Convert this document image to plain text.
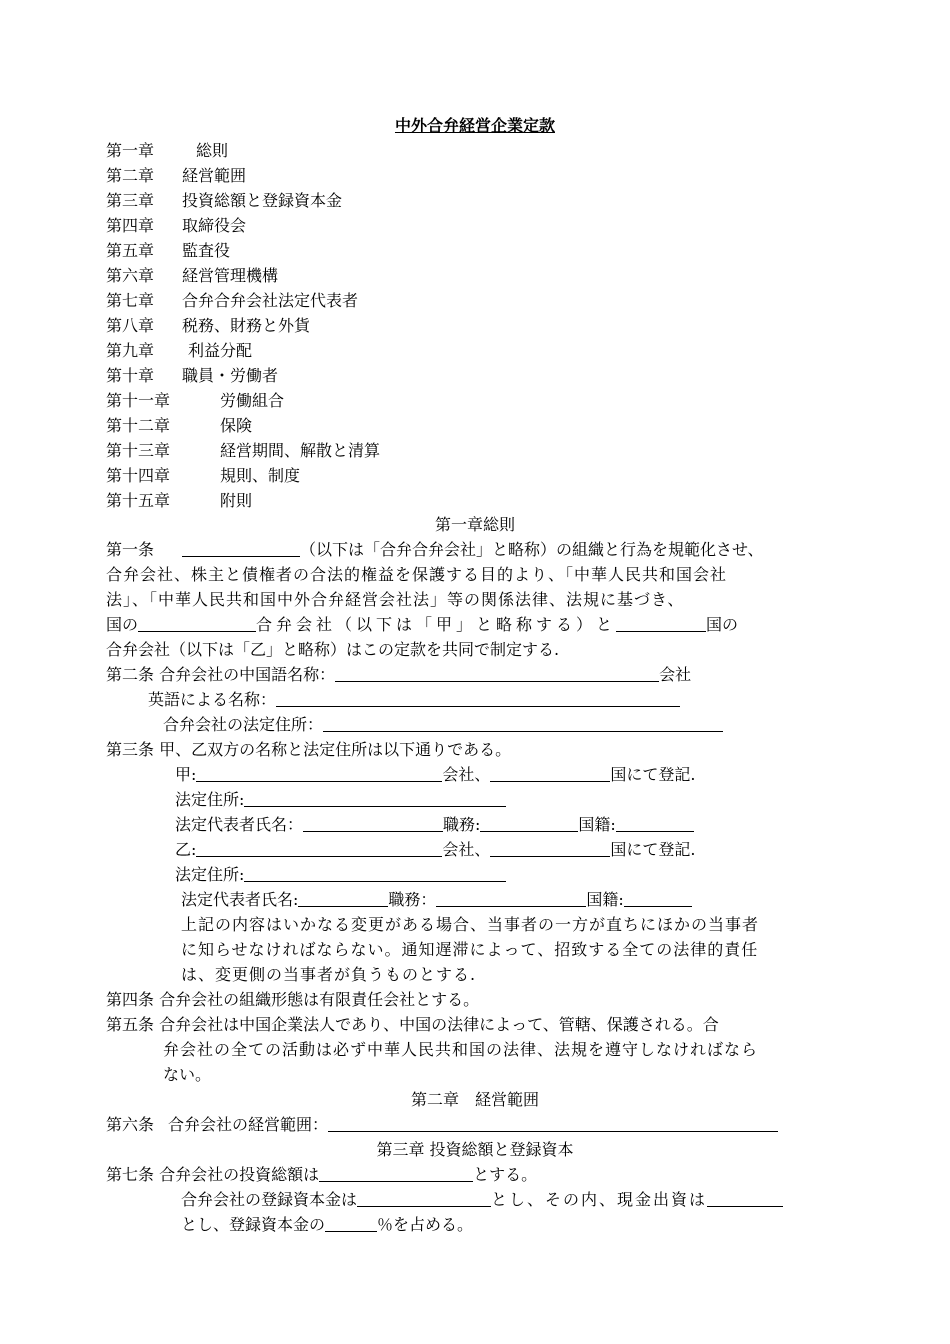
中外合弁経営企業定款
第一章	総則
第二章 経営範囲
第三章 投資総額と登録資本金
第四章 取締役会
第五章 監査役
第六章 経営管理機構
第七章 合弁合弁会社法定代表者
第八章 税務、財務と外貨
第九章 利益分配
第十章 職員・労働者
第十一章	労働組合
第十二章	保険
第十三章	経営期間、解散と清算
第十四章	規則、制度
第十五章	附則
第一章総則
第一条	（以下は「合弁合弁会社」と略称）の組織と行為を規範化させ、
合弁会社、株主と債権者の合法的権益を保護する目的より、「中華人民共和国会社
法」、「中華人民共和国中外合弁経営会社法」等の関係法律、法規に基づき、
国の	合弁会社（以下は「甲」と略称する）と	国の
合弁会社（以下は「乙」と略称）はこの定款を共同で制定する.
第二条 合弁会社の中国語名称：	会社
英語による名称：
合弁会社の法定住所：
第三条 甲、乙双方の名称と法定住所は以下通りである。
甲:	会社、	国にて登記.
法定住所:
法定代表者氏名：	職務:	国籍:
乙:	会社、	国にて登記.
法定住所:
法定代表者氏名:	職務：	国籍:
上記の内容はいかなる変更がある場合、当事者の一方が直ちにほかの当事者
に知らせなければならない。通知遅滞によって、招致する全ての法律的責任
は、変更側の当事者が負うものとする.
第四条 合弁会社の組織形態は有限責任会社とする。
第五条 合弁会社は中国企業法人であり、中国の法律によって、管轄、保護される。合
弁会社の全ての活動は必ず中華人民共和国の法律、法規を遵守しなければなら
ない。
第二章　経営範囲
第六条 合弁会社の経営範囲：
第三章 投資総額と登録資本
第七条 合弁会社の投資総額は	とする。
合弁会社の登録資本金は	とし、その内、現金出資は
とし、登録資本金の	％を占める。
